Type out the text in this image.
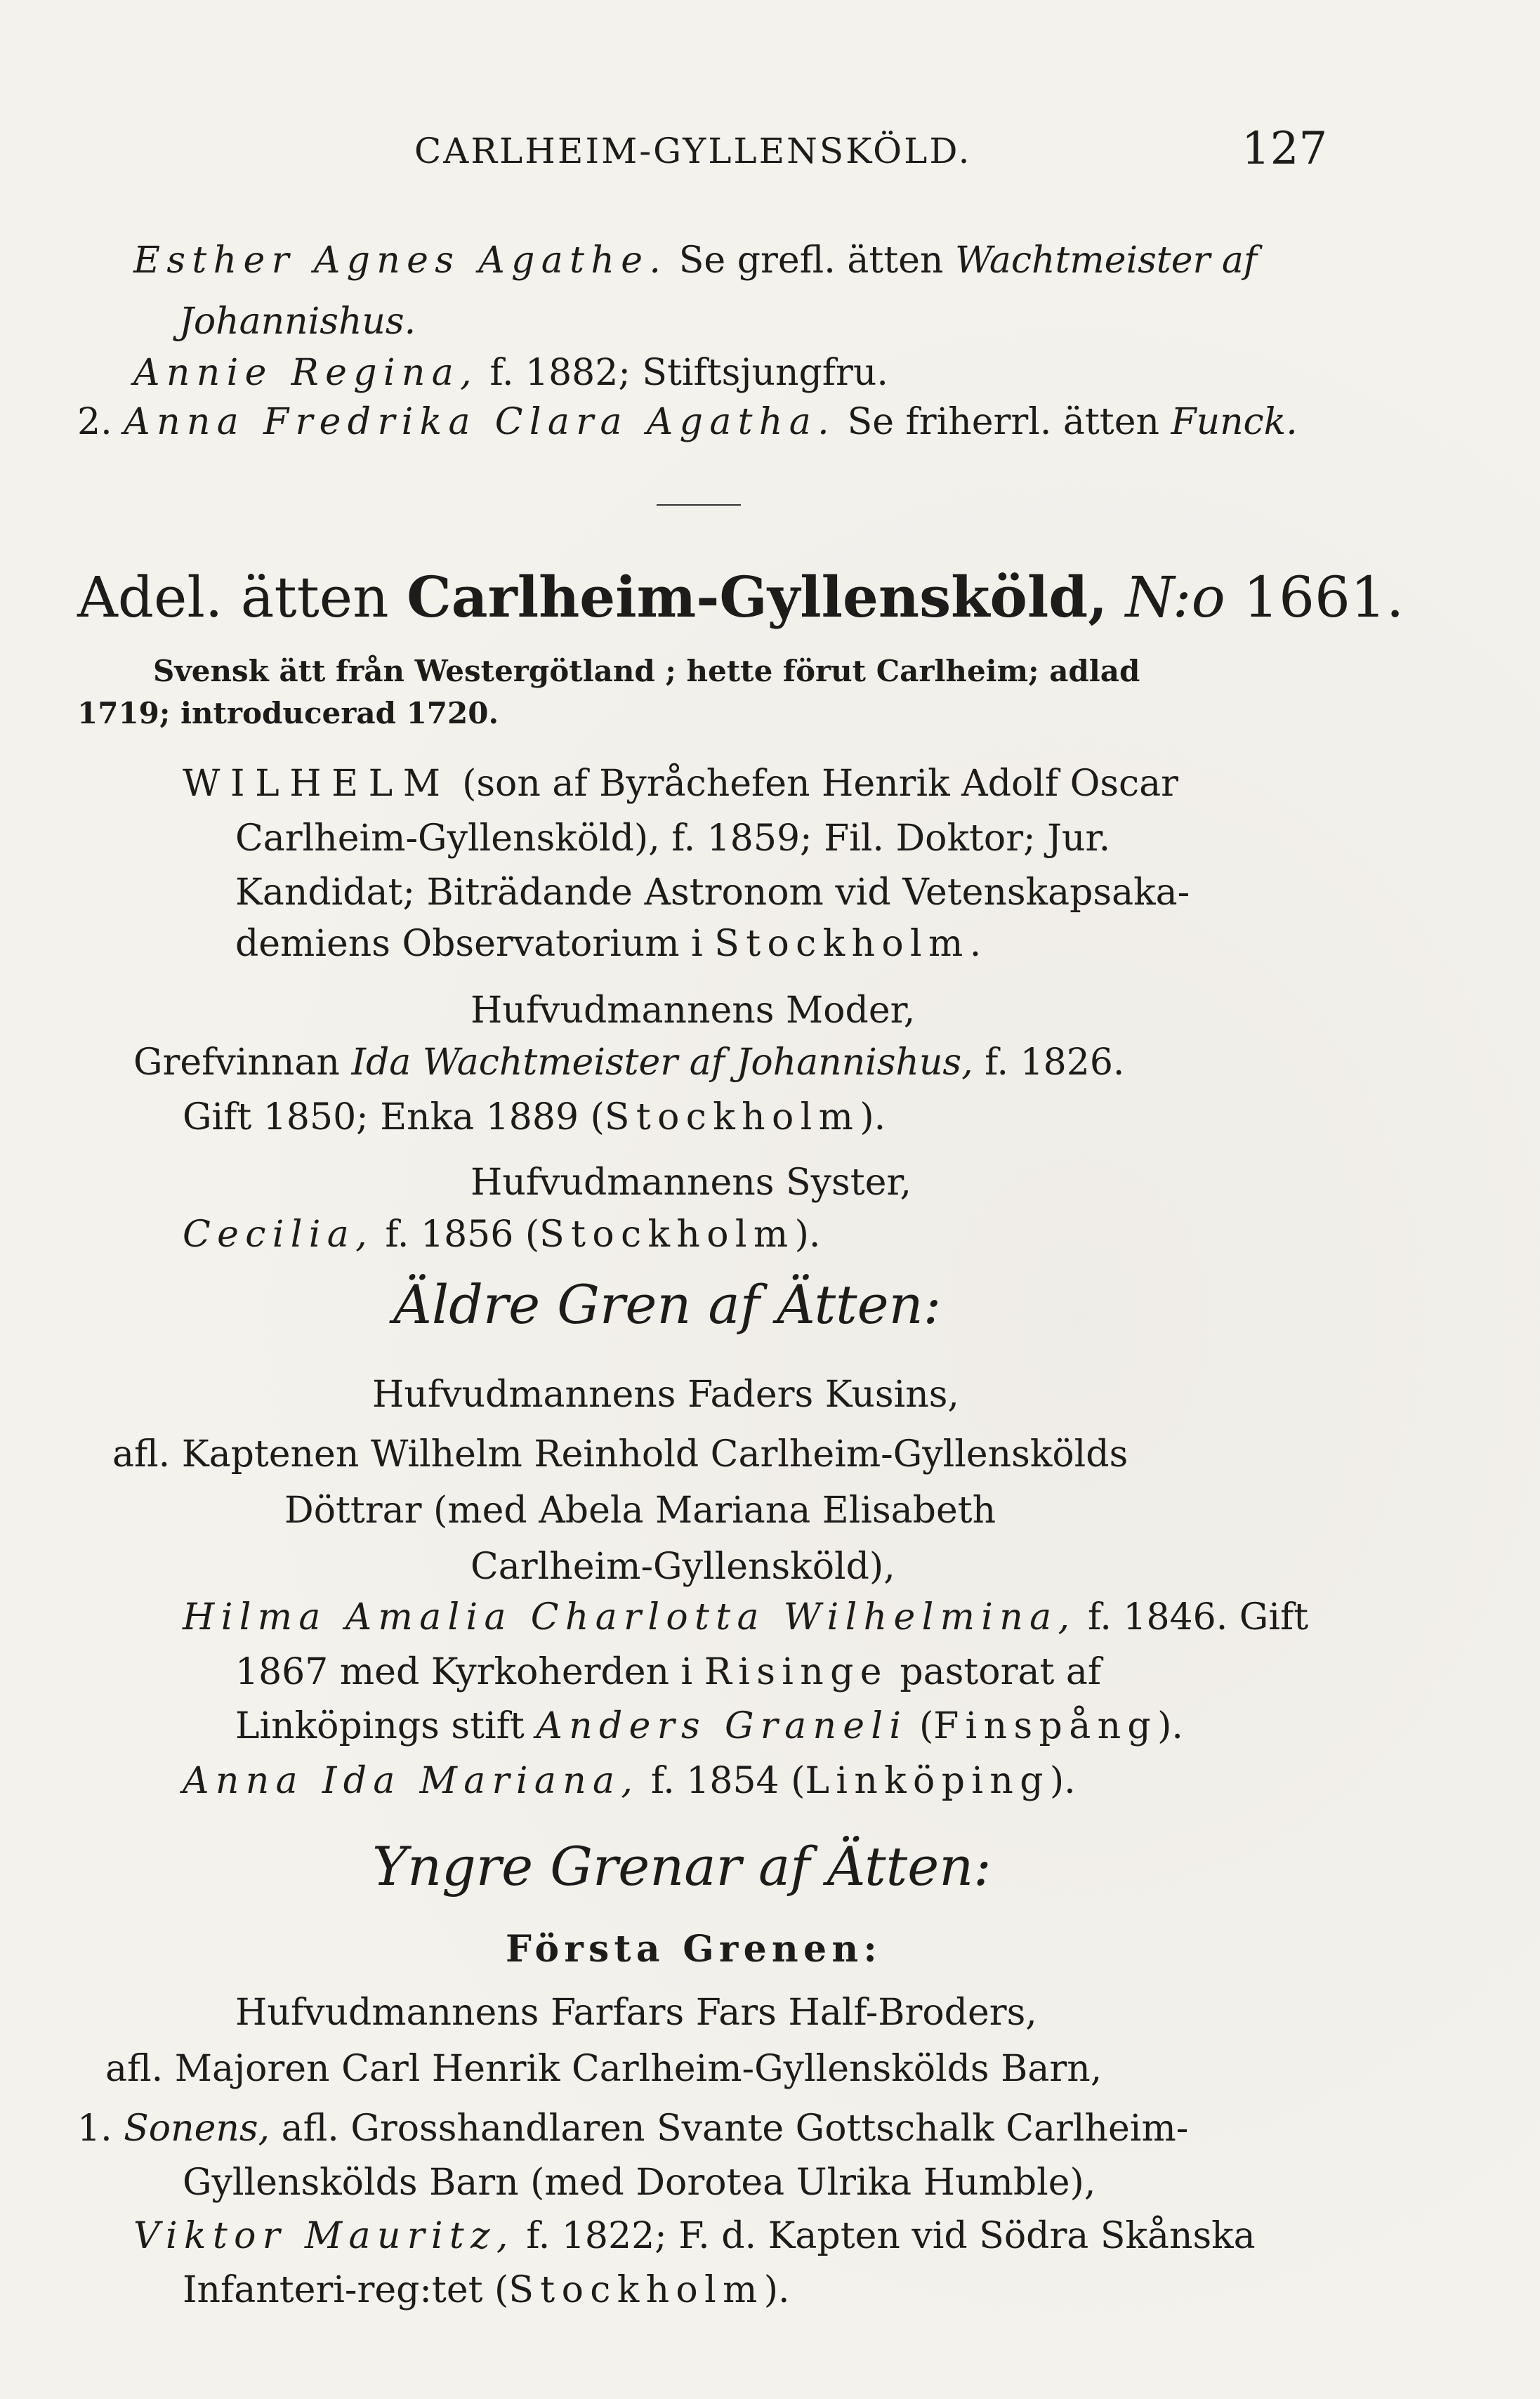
CARLHEIM-GYLLENSKÖLD.	127
Esther Agnes Agathe. Se grefl. ätten Wachtmeister af
Johannishus.
Annie Regina, f. 1882; Stiftsjungfru.
2. Anna Fredrika Clara Agatha. Se friherrl. ätten Funck.
Adel. ätten Carlheim-Gyllensköld, N:o 1661.
Svensk ätt från Westergötland ; hette förut Carlheim; adlad
1719; introducerad 1720.
WILHELM (son af Byråchefen Henrik Adolf Oscar
Carlheim-Gyllensköld), f. 1859; Fil. Doktor; Jur.
Kandidat; Biträdande Astronom vid Vetenskapsaka-
demiens Observatorium i Stockholm.
Hufvudmannens Moder,
Grefvinnan Ida Wachtmeister af Johannishus, f. 1826.
Gift 1850; Enka 1889 (Stockholm).
Hufvudmannens Syster,
Cecilia, f. 1856 (Stockholm).
Äldre Gren af Ätten:
Hufvudmannens Faders Kusins,
afl. Kaptenen Wilhelm Reinhold Carlheim-Gyllenskölds
Döttrar (med Abela Mariana Elisabeth
Carlheim-Gyllensköld),
Hilma Amalia Charlotta Wilhelmina, f. 1846. Gift
1867 med Kyrkoherden i Risinge pastorat af
Linköpings stift Anders Graneli (Finspång).
Anna Ida Mariana, f. 1854 (Linköping).
Yngre Grenar af Ätten:
Första Grenen:
Hufvudmannens Farfars Fars Half-Broders,
afl. Majoren Carl Henrik Carlheim-Gyllenskölds Barn,
1. Sonens, afl. Grosshandlaren Svante Gottschalk Carlheim-
Gyllenskölds Barn (med Dorotea Ulrika Humble),
Viktor Mauritz, f. 1822; F. d. Kapten vid Södra Skånska
Infanteri-reg:tet (Stockholm).
